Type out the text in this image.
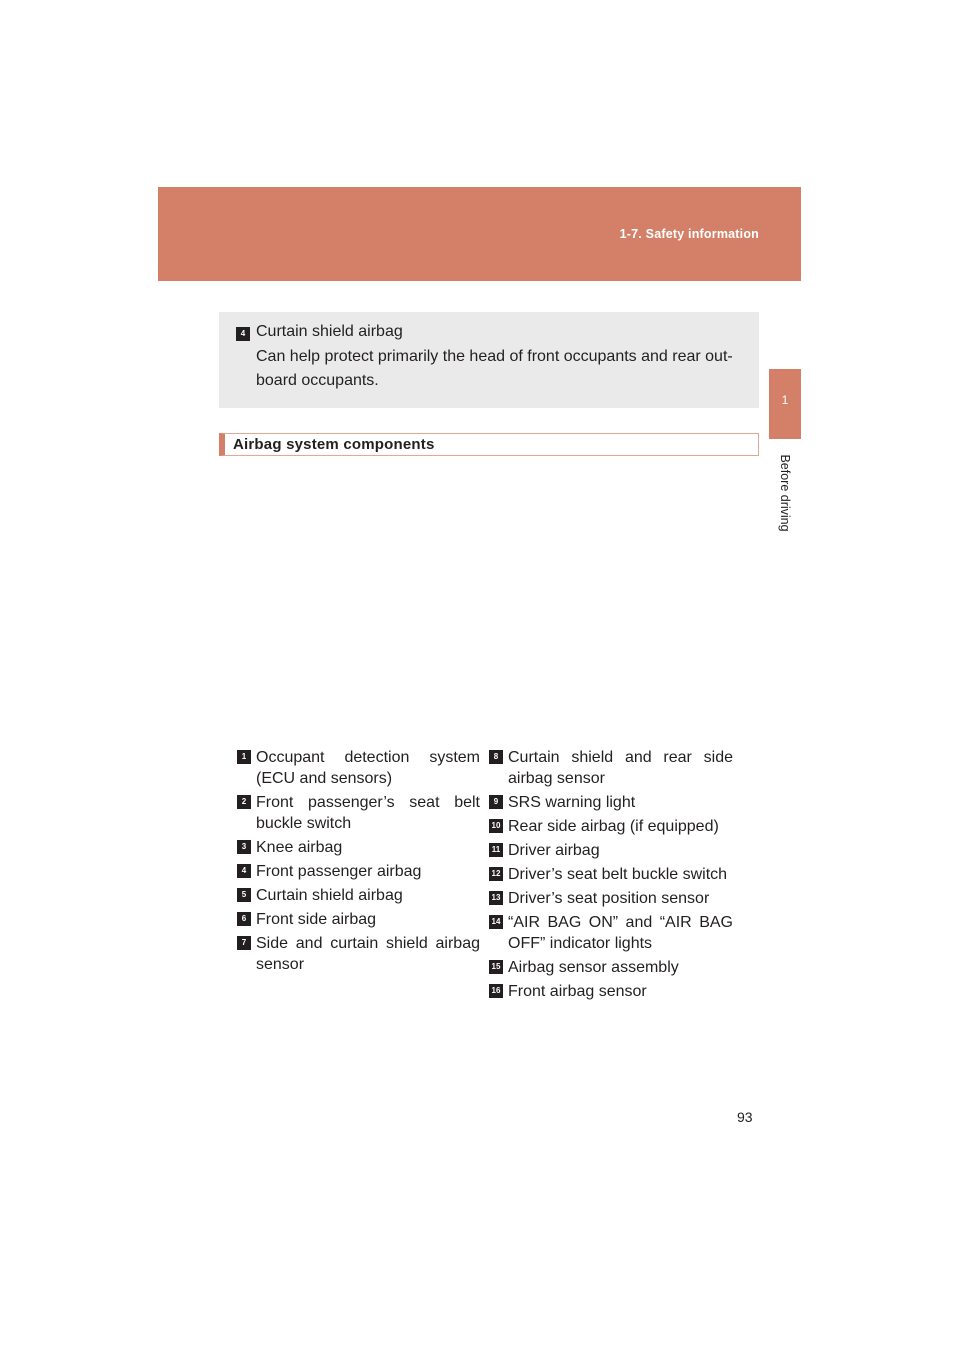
1-7. Safety information
1
Before driving
4 Curtain shield airbag
Can help protect primarily the head of front occupants and rear out-board occupants.
Airbag system components
1 Occupant detection system (ECU and sensors)
2 Front passenger’s seat belt buckle switch
3 Knee airbag
4 Front passenger airbag
5 Curtain shield airbag
6 Front side airbag
7 Side and curtain shield airbag sensor
8 Curtain shield and rear side airbag sensor
9 SRS warning light
10 Rear side airbag (if equipped)
11 Driver airbag
12 Driver’s seat belt buckle switch
13 Driver’s seat position sensor
14 “AIR BAG ON” and “AIR BAG OFF” indicator lights
15 Airbag sensor assembly
16 Front airbag sensor
93
